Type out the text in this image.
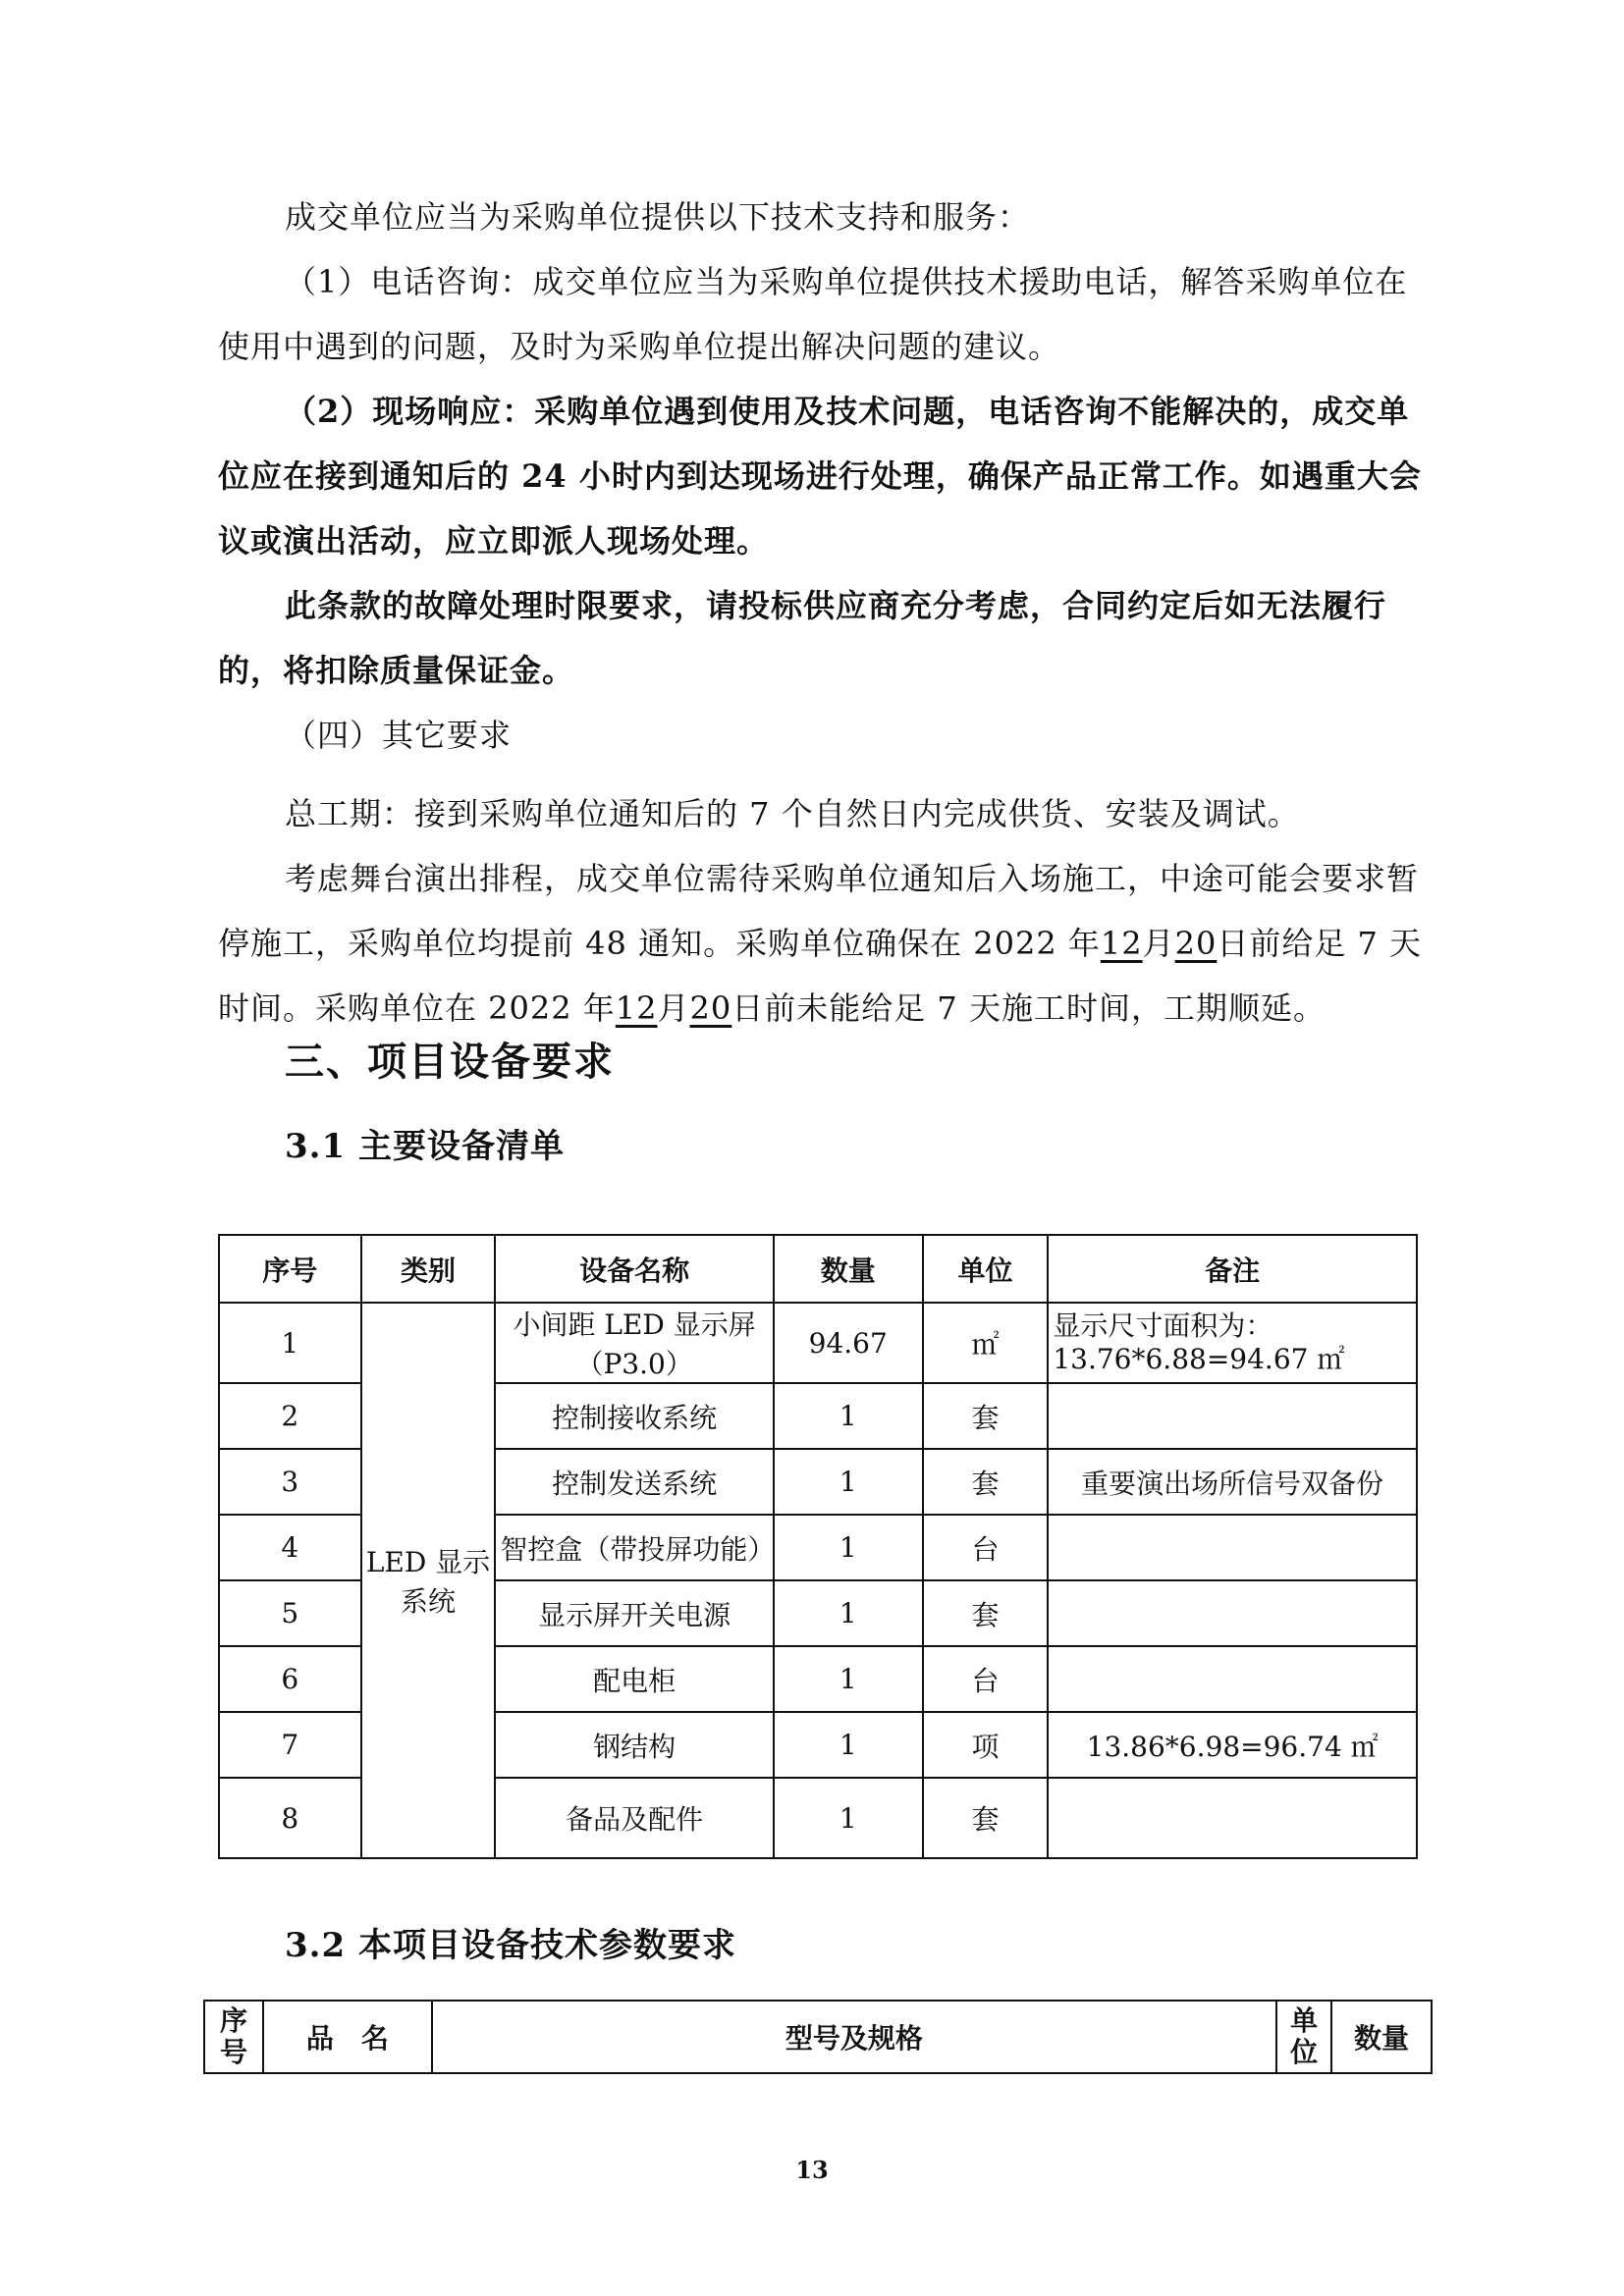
成交单位应当为采购单位提供以下技术支持和服务：

（1）电话咨询：成交单位应当为采购单位提供技术援助电话，解答采购单位在使用中遇到的问题，及时为采购单位提出解决问题的建议。

（2）现场响应：采购单位遇到使用及技术问题，电话咨询不能解决的，成交单位应在接到通知后的 24 小时内到达现场进行处理，确保产品正常工作。如遇重大会议或演出活动，应立即派人现场处理。

此条款的故障处理时限要求，请投标供应商充分考虑，合同约定后如无法履行的，将扣除质量保证金。

（四）其它要求

总工期：接到采购单位通知后的 7 个自然日内完成供货、安装及调试。

考虑舞台演出排程，成交单位需待采购单位通知后入场施工，中途可能会要求暂停施工，采购单位均提前 48 通知。采购单位确保在 2022 年12月20日前给足 7 天时间。采购单位在 2022 年12月20日前未能给足 7 天施工时间，工期顺延。

三、项目设备要求
3.1 主要设备清单
序号	类别	设备名称	数量	单位	备注
1	LED 显示系统	小间距 LED 显示屏（P3.0）	94.67	㎡	显示尺寸面积为：13.76*6.88=94.67 ㎡
2		控制接收系统	1	套	
3		控制发送系统	1	套	重要演出场所信号双备份
4		智控盒（带投屏功能）	1	台	
5		显示屏开关电源	1	套	
6		配电柜	1	台	
7		钢结构	1	项	13.86*6.98=96.74 ㎡
8		备品及配件	1	套	
3.2 本项目设备技术参数要求
序号	品　名	型号及规格	单位	数量
13
